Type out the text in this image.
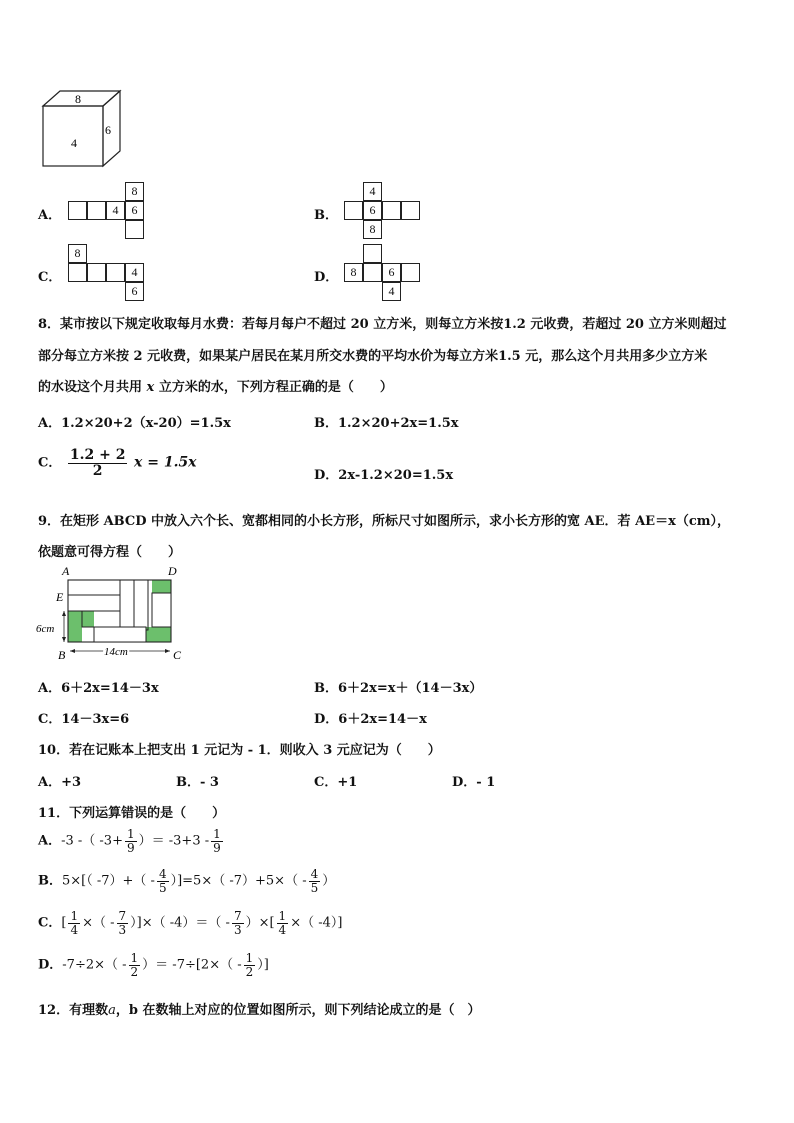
8
4
6
A．
8
4	6	B．
4
6
8
C．
8
4
6
D．	8	6
4
8．某市按以下规定收取每月水费：若每月每户不超过 20 立方米，则每立方米按1.2 元收费，若超过 20 立方米则超过
部分每立方米按 2 元收费，如果某户居民在某月所交水费的平均水价为每立方米1.5 元，那么这个月共用多少立方米
的水设这个月共用 x 立方米的水，下列方程正确的是（　　）
A．1.2×20+2（x-20）=1.5x	B．1.2×20+2x=1.5x
C． $\frac{1.2 + 2}{2}$ x = 1.5x
D．2x-1.2×20=1.5x
9．在矩形 ABCD 中放入六个长、宽都相同的小长方形，所标尺寸如图所示，求小长方形的宽 AE．若 AE＝x（cm），
依题意可得方程（　　）
A	D
E
B	C
6cm
14cm
A．6＋2x=14－3x	B．6＋2x=x＋（14－3x）
C．14－3x=6	D．6＋2x=14－x
10．若在记账本上把支出 1 元记为 - 1．则收入 3 元应记为（　　）
A．+3	B．- 3	C．+1	D．- 1
11．下列运算错误的是（　　）
A．-3 -（ $-3+ \frac{1}{9}$ ）＝ $-3+3 - \frac{1}{9}$
B．5×[（ $-7)+( - \frac{4}{5} )]=5\times$（ $-7)+5\times( - \frac{4}{5}$ ）
C．[ $\frac{1}{4}$ ×（ - $\frac{7}{3}$ ）]×（ $-4)=( - \frac{7}{3}$ ）×[ $\frac{1}{4}$ ×（ -4）]
D．$-7\div 2\times( - \frac{1}{2}$ ）＝ $-7\div[2\times( - \frac{1}{2}$ ）]
12．有理数a，b 在数轴上对应的位置如图所示，则下列结论成立的是（　）
